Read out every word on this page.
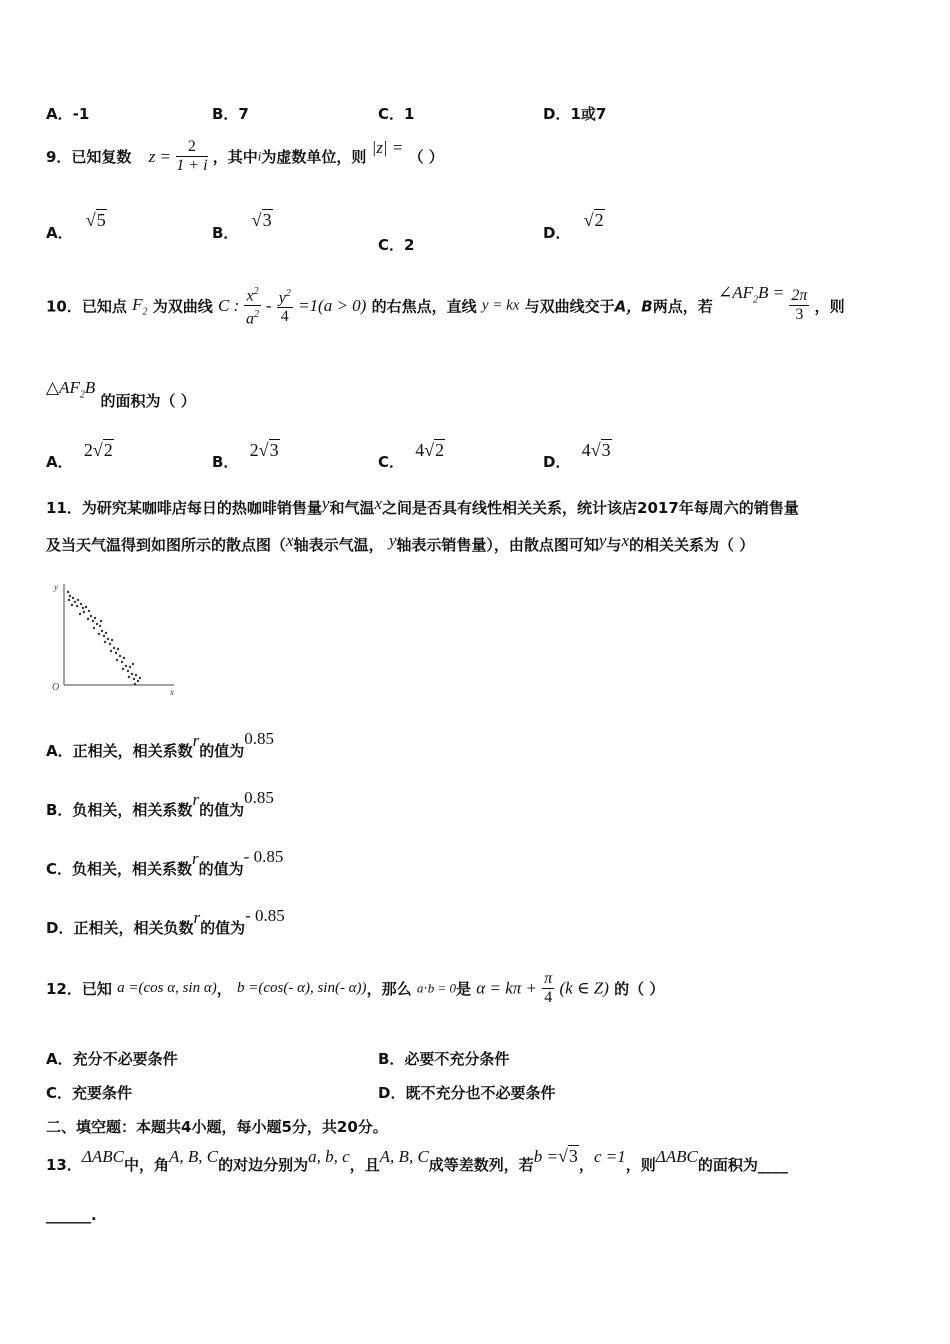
A．-1	B．7	C．1	D．1或7
9．已知复数 $z = \frac{2}{1 + i}$ ，其中i为虚数单位，则 |z| = （ ）
A． √5
B． √3
C．2
D． √2
10．已知点 $F_2$ 为双曲线 C : $\frac{x^2}{a^2} - \frac{y^2}{4} =1(a > 0)$ 的右焦点，直线 y = kx 与双曲线交于A，B两点，若 $\angle AF_2B = \frac{2\pi}{3}$ ，则
$\triangle AF_2B$ 的面积为（ ）
A． 2√2
B． 2√3
C． 4√2
D． 4√3
11．为研究某咖啡店每日的热咖啡销售量y和气温x之间是否具有线性相关关系，统计该店2017年每周六的销售量
及当天气温得到如图所示的散点图（x轴表示气温， y轴表示销售量），由散点图可知y与x的相关关系为（ ）
y
x
O
A．正相关，相关系数r的值为0.85
B．负相关，相关系数r的值为0.85
C．负相关，相关系数r的值为- 0.85
D．正相关，相关负数r的值为- 0.85
12．已知 a =(cos α, sin α)， b =(cos(- α), sin(- α))，那么 a⋅b = 0是 $\alpha = k\pi + \frac{\pi}{4} (k$ ∈ Z) 的（ ）
A．充分不必要条件	B．必要不充分条件
C．充要条件	D．既不充分也不必要条件
二、填空题：本题共4小题，每小题5分，共20分。
13．ΔABC中，角A, B, C的对边分别为a, b, c，且A, B, C成等差数列，若b =√3，c =1，则ΔABC的面积为____
______.
